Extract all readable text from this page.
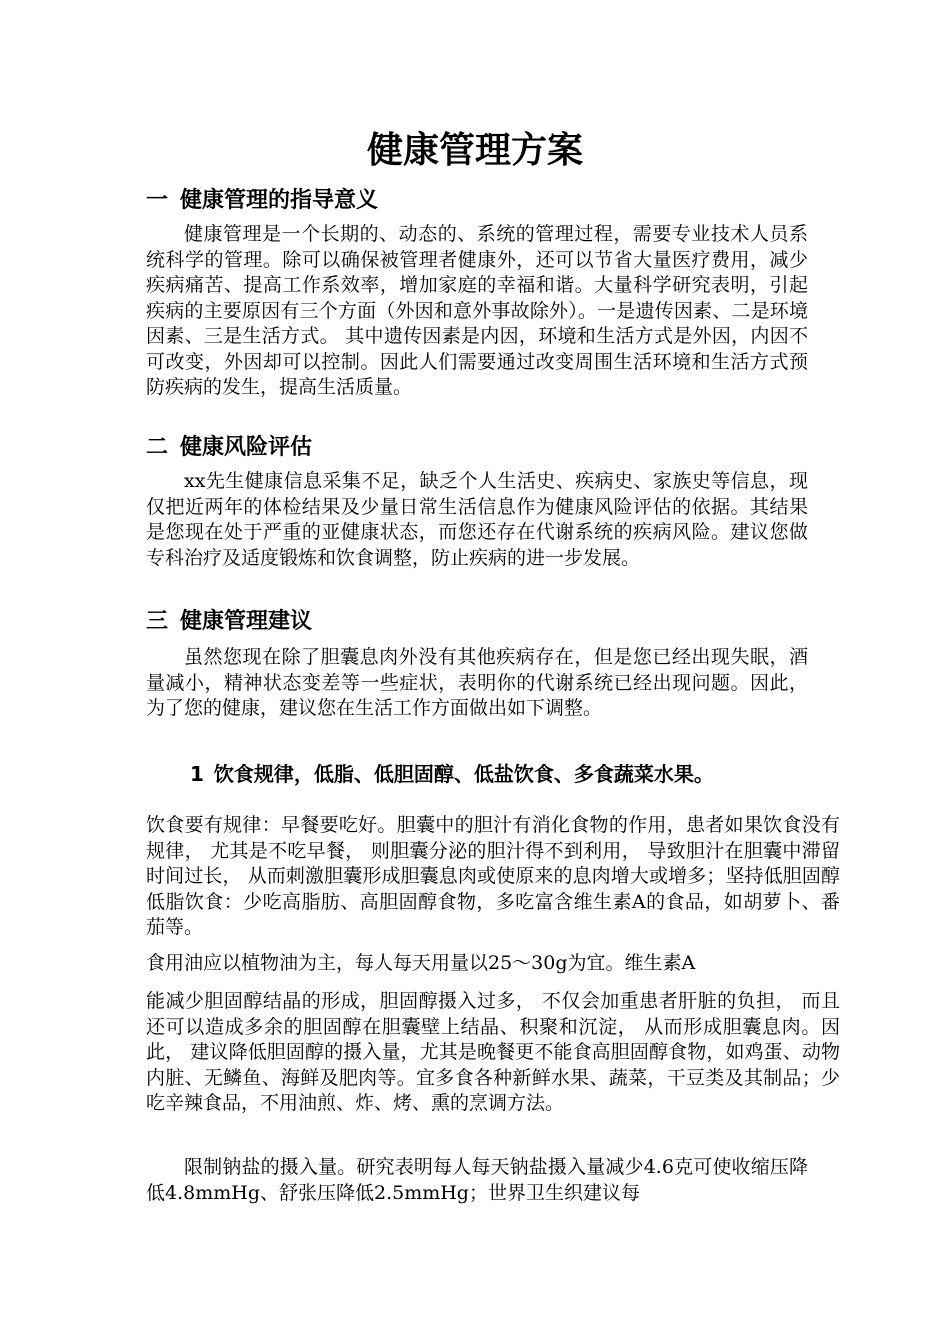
健康管理方案
一 健康管理的指导意义

健康管理是一个长期的、动态的、系统的管理过程，需要专业技术人员系统科学的管理。除可以确保被管理者健康外，还可以节省大量医疗费用，减少疾病痛苦、提高工作系效率，增加家庭的幸福和谐。大量科学研究表明，引起疾病的主要原因有三个方面（外因和意外事故除外）。一是遗传因素、二是环境因素、三是生活方式。 其中遗传因素是内因，环境和生活方式是外因，内因不可改变，外因却可以控制。因此人们需要通过改变周围生活环境和生活方式预防疾病的发生，提高生活质量。

二 健康风险评估

xx先生健康信息采集不足，缺乏个人生活史、疾病史、家族史等信息，现仅把近两年的体检结果及少量日常生活信息作为健康风险评估的依据。其结果是您现在处于严重的亚健康状态，而您还存在代谢系统的疾病风险。建议您做专科治疗及适度锻炼和饮食调整，防止疾病的进一步发展。

三 健康管理建议

虽然您现在除了胆囊息肉外没有其他疾病存在，但是您已经出现失眠，酒量减小，精神状态变差等一些症状，表明你的代谢系统已经出现问题。因此，为了您的健康，建议您在生活工作方面做出如下调整。

1 饮食规律，低脂、低胆固醇、低盐饮食、多食蔬菜水果。

饮食要有规律：早餐要吃好。胆囊中的胆汁有消化食物的作用，患者如果饮食没有规律， 尤其是不吃早餐， 则胆囊分泌的胆汁得不到利用， 导致胆汁在胆囊中滞留时间过长， 从而刺激胆囊形成胆囊息肉或使原来的息肉增大或增多；坚持低胆固醇低脂饮食：少吃高脂肪、高胆固醇食物，多吃富含维生素A的食品，如胡萝卜、番茄等。

食用油应以植物油为主，每人每天用量以25～30g为宜。维生素A

能减少胆固醇结晶的形成，胆固醇摄入过多， 不仅会加重患者肝脏的负担， 而且还可以造成多余的胆固醇在胆囊壁上结晶、积聚和沉淀， 从而形成胆囊息肉。因此， 建议降低胆固醇的摄入量，尤其是晚餐更不能食高胆固醇食物，如鸡蛋、动物内脏、无鳞鱼、海鲜及肥肉等。宜多食各种新鲜水果、蔬菜，干豆类及其制品；少吃辛辣食品，不用油煎、炸、烤、熏的烹调方法。

限制钠盐的摄入量。研究表明每人每天钠盐摄入量减少4.6克可使收缩压降低4.8mmHg、舒张压降低2.5mmHg；世界卫生织建议每
